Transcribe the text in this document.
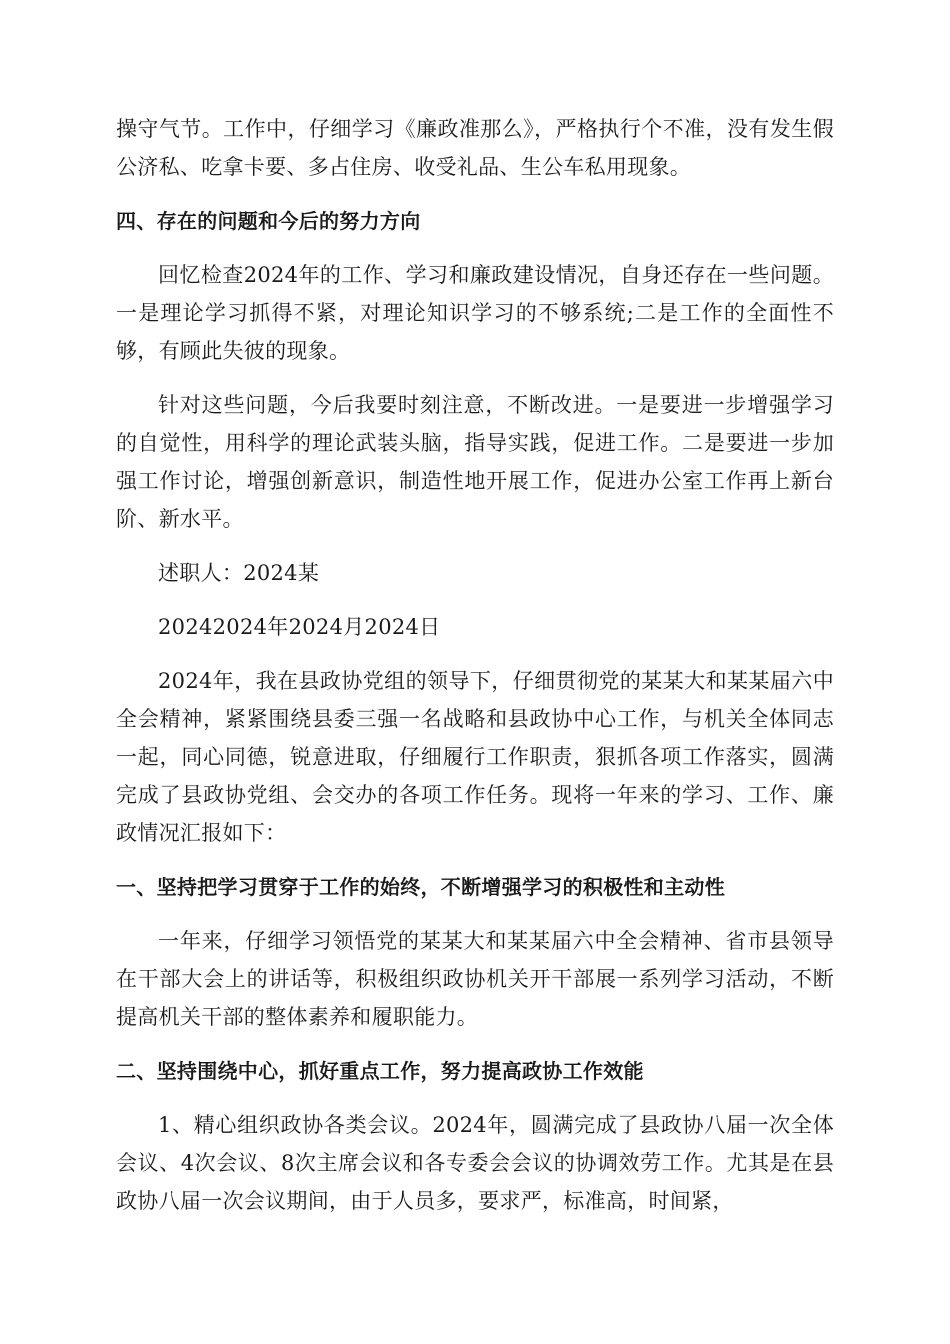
操守气节。工作中，仔细学习《廉政准那么》，严格执行个不准，没有发生假公济私、吃拿卡要、多占住房、收受礼品、生公车私用现象。

四、存在的问题和今后的努力方向

回忆检查2024年的工作、学习和廉政建设情况，自身还存在一些问题。一是理论学习抓得不紧，对理论知识学习的不够系统;二是工作的全面性不够，有顾此失彼的现象。

针对这些问题，今后我要时刻注意，不断改进。一是要进一步增强学习的自觉性，用科学的理论武装头脑，指导实践，促进工作。二是要进一步加强工作讨论，增强创新意识，制造性地开展工作，促进办公室工作再上新台阶、新水平。

述职人：2024某

20242024年2024月2024日

2024年，我在县政协党组的领导下，仔细贯彻党的某某大和某某届六中全会精神，紧紧围绕县委三强一名战略和县政协中心工作，与机关全体同志一起，同心同德，锐意进取，仔细履行工作职责，狠抓各项工作落实，圆满完成了县政协党组、会交办的各项工作任务。现将一年来的学习、工作、廉政情况汇报如下：

一、坚持把学习贯穿于工作的始终，不断增强学习的积极性和主动性

一年来，仔细学习领悟党的某某大和某某届六中全会精神、省市县领导在干部大会上的讲话等，积极组织政协机关开干部展一系列学习活动，不断提高机关干部的整体素养和履职能力。

二、坚持围绕中心，抓好重点工作，努力提高政协工作效能

1、精心组织政协各类会议。2024年，圆满完成了县政协八届一次全体会议、4次会议、8次主席会议和各专委会会议的协调效劳工作。尤其是在县政协八届一次会议期间，由于人员多，要求严，标准高，时间紧，
